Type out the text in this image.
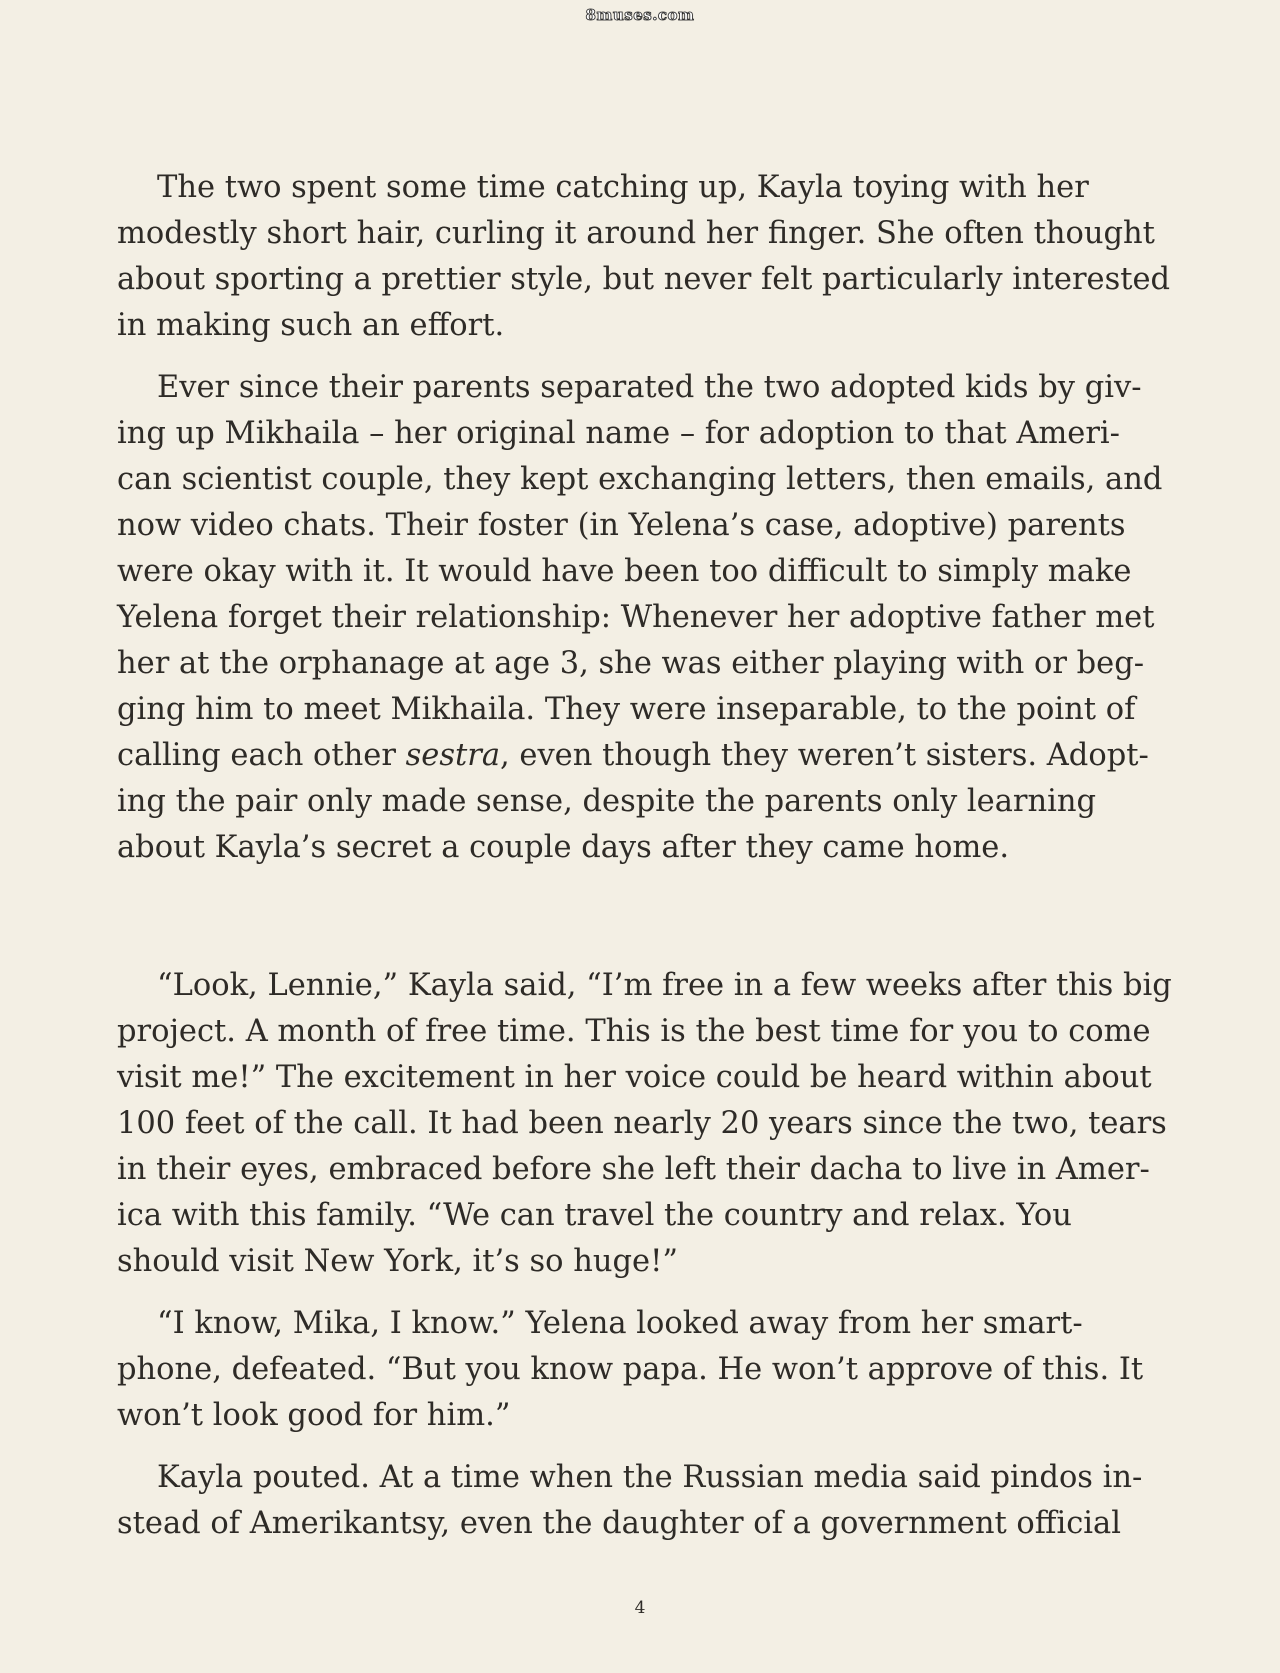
8muses.com

The two spent some time catching up, Kayla toying with her
modestly short hair, curling it around her finger. She often thought
about sporting a prettier style, but never felt particularly interested
in making such an effort.

Ever since their parents separated the two adopted kids by giv-
ing up Mikhaila – her original name – for adoption to that Ameri-
can scientist couple, they kept exchanging letters, then emails, and
now video chats. Their foster (in Yelena’s case, adoptive) parents
were okay with it. It would have been too difficult to simply make
Yelena forget their relationship: Whenever her adoptive father met
her at the orphanage at age 3, she was either playing with or beg-
ging him to meet Mikhaila. They were inseparable, to the point of
calling each other sestra, even though they weren’t sisters. Adopt-
ing the pair only made sense, despite the parents only learning
about Kayla’s secret a couple days after they came home.

“Look, Lennie,” Kayla said, “I’m free in a few weeks after this big
project. A month of free time. This is the best time for you to come
visit me!” The excitement in her voice could be heard within about
100 feet of the call. It had been nearly 20 years since the two, tears
in their eyes, embraced before she left their dacha to live in Amer-
ica with this family. “We can travel the country and relax. You
should visit New York, it’s so huge!”

“I know, Mika, I know.” Yelena looked away from her smart-
phone, defeated. “But you know papa. He won’t approve of this. It
won’t look good for him.”

Kayla pouted. At a time when the Russian media said pindos in-
stead of Amerikantsy, even the daughter of a government official

4
